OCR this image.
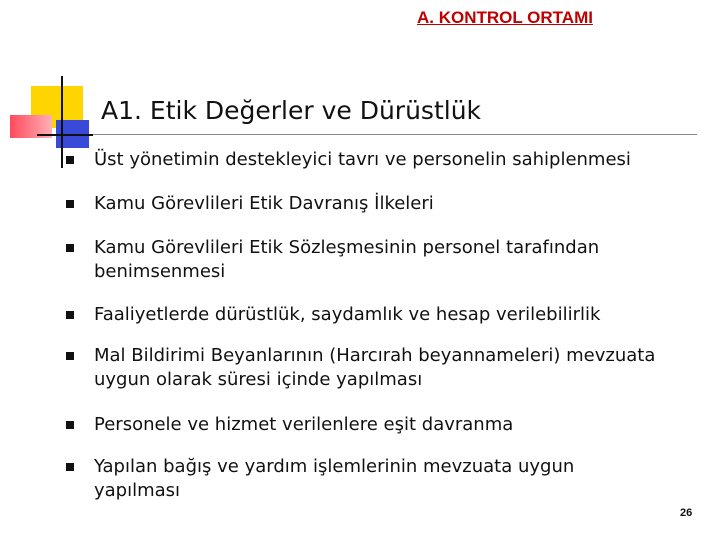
A. KONTROL ORTAMI
A1. Etik Değerler ve Dürüstlük
Üst yönetimin destekleyici tavrı ve personelin sahiplenmesi
Kamu Görevlileri Etik Davranış İlkeleri
Kamu Görevlileri Etik Sözleşmesinin personel tarafından benimsenmesi
Faaliyetlerde dürüstlük, saydamlık ve hesap verilebilirlik
Mal Bildirimi Beyanlarının (Harcırah beyannameleri) mevzuata uygun olarak süresi içinde yapılması
Personele ve hizmet verilenlere eşit davranma
Yapılan bağış ve yardım işlemlerinin mevzuata uygun yapılması
26
